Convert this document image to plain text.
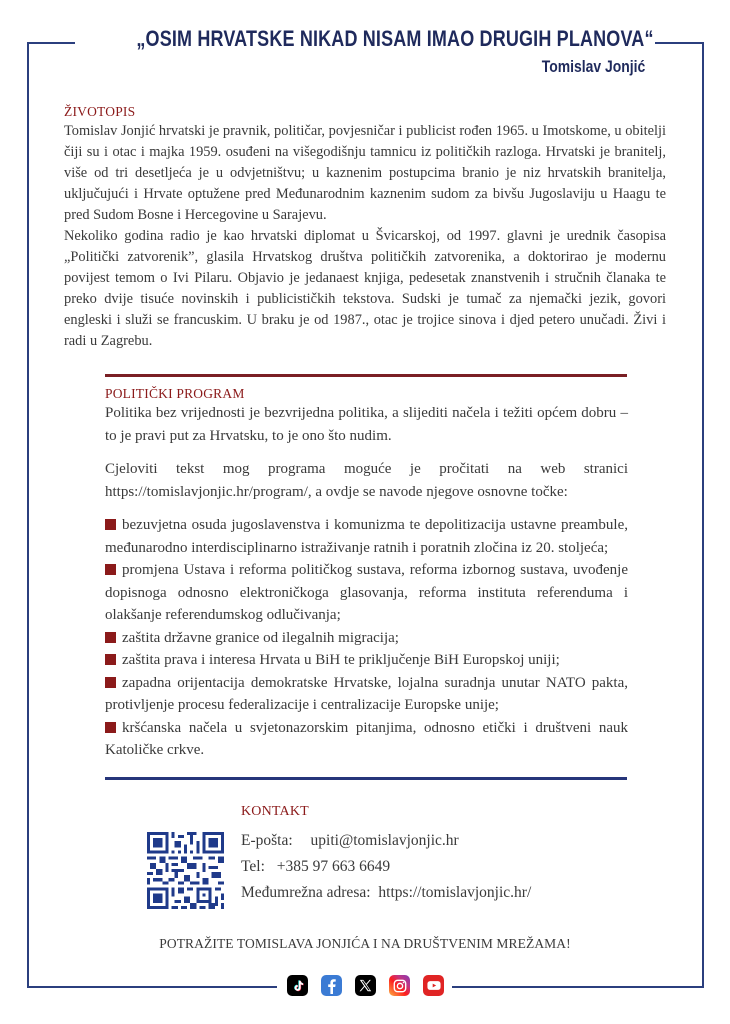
„OSIM HRVATSKE NIKAD NISAM IMAO DRUGIH PLANOVA“
Tomislav Jonjić
ŽIVOTOPIS

Tomislav Jonjić hrvatski je pravnik, političar, povjesničar i publicist rođen 1965. u Imotskome, u obitelji čiji su i otac i majka 1959. osuđeni na višegodišnju tamnicu iz političkih razloga. Hrvatski je branitelj, više od tri desetljeća je u odvjetništvu; u kaznenim postupcima branio je niz hrvatskih branitelja, uključujući i Hrvate optužene pred Međunarodnim kaznenim sudom za bivšu Jugoslaviju u Haagu te pred Sudom Bosne i Hercegovine u Sarajevu.

Nekoliko godina radio je kao hrvatski diplomat u Švicarskoj, od 1997. glavni je urednik časopisa „Politički zatvorenik”, glasila Hrvatskog društva političkih zatvorenika, a doktorirao je modernu povijest temom o Ivi Pilaru. Objavio je jedanaest knjiga, pedesetak znanstvenih i stručnih članaka te preko dvije tisuće novinskih i publicističkih tekstova. Sudski je tumač za njemački jezik, govori engleski i služi se francuskim. U braku je od 1987., otac je trojice sinova i djed petero unučadi. Živi i radi u Zagrebu.

POLITIČKI PROGRAM

Politika bez vrijednosti je bezvrijedna politika, a slijediti načela i težiti općem dobru – to je pravi put za Hrvatsku, to je ono što nudim.

Cjeloviti tekst mog programa moguće je pročitati na web stranici https://tomislavjonjic.hr/program/, a ovdje se navode njegove osnovne točke:

bezuvjetna osuda jugoslavenstva i komunizma te depolitizacija ustavne preambule, međunarodno interdisciplinarno istraživanje ratnih i poratnih zločina iz 20. stoljeća;
promjena Ustava i reforma političkog sustava, reforma izbornog sustava, uvođenje dopisnoga odnosno elektroničkoga glasovanja, reforma instituta referenduma i olakšanje referendumskog odlučivanja;
zaštita državne granice od ilegalnih migracija;
zaštita prava i interesa Hrvata u BiH te priključenje BiH Europskoj uniji;
zapadna orijentacija demokratske Hrvatske, lojalna suradnja unutar NATO pakta, protivljenje procesu federalizacije i centralizacije Europske unije;
kršćanska načela u svjetonazorskim pitanjima, odnosno etički i društveni nauk Katoličke crkve.
KONTAKT
E-pošta: upiti@tomislavjonjic.hr
Tel: +385 97 663 6649
Međumrežna adresa: https://tomislavjonjic.hr/
POTRAŽITE TOMISLAVA JONJIĆA I NA DRUŠTVENIM MREŽAMA!
